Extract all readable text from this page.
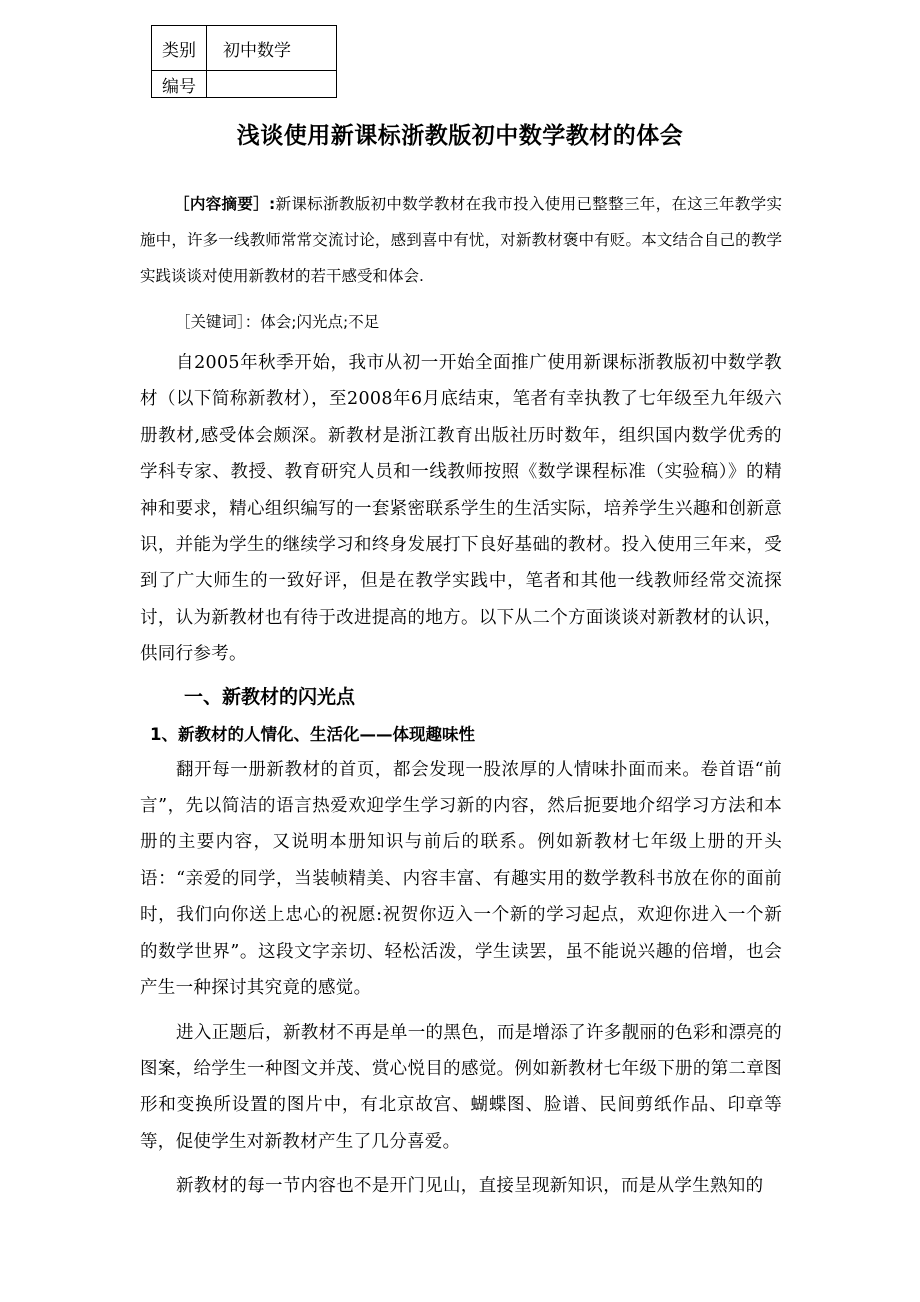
类别	初中数学
编号	
浅谈使用新课标浙教版初中数学教材的体会

［内容摘要］:新课标浙教版初中数学教材在我市投入使用已整整三年，在这三年教学实施中，许多一线教师常常交流讨论，感到喜中有忧，对新教材褒中有贬。本文结合自己的教学实践谈谈对使用新教材的若干感受和体会.

［关键词］：体会;闪光点;不足

自2005年秋季开始，我市从初一开始全面推广使用新课标浙教版初中数学教材（以下简称新教材），至2008年6月底结束，笔者有幸执教了七年级至九年级六册教材,感受体会颇深。新教材是浙江教育出版社历时数年，组织国内数学优秀的学科专家、教授、教育研究人员和一线教师按照《数学课程标准（实验稿）》的精神和要求，精心组织编写的一套紧密联系学生的生活实际，培养学生兴趣和创新意识，并能为学生的继续学习和终身发展打下良好基础的教材。投入使用三年来，受到了广大师生的一致好评，但是在教学实践中，笔者和其他一线教师经常交流探讨，认为新教材也有待于改进提高的地方。以下从二个方面谈谈对新教材的认识，供同行参考。

一、新教材的闪光点
1、新教材的人情化、生活化——体现趣味性

翻开每一册新教材的首页，都会发现一股浓厚的人情味扑面而来。卷首语“前言”，先以简洁的语言热爱欢迎学生学习新的内容，然后扼要地介绍学习方法和本册的主要内容，又说明本册知识与前后的联系。例如新教材七年级上册的开头语：“亲爱的同学，当装帧精美、内容丰富、有趣实用的数学教科书放在你的面前时，我们向你送上忠心的祝愿:祝贺你迈入一个新的学习起点，欢迎你进入一个新的数学世界”。这段文字亲切、轻松活泼，学生读罢，虽不能说兴趣的倍增，也会产生一种探讨其究竟的感觉。

进入正题后，新教材不再是单一的黑色，而是增添了许多靓丽的色彩和漂亮的图案，给学生一种图文并茂、赏心悦目的感觉。例如新教材七年级下册的第二章图形和变换所设置的图片中，有北京故宫、蝴蝶图、脸谱、民间剪纸作品、印章等等，促使学生对新教材产生了几分喜爱。

新教材的每一节内容也不是开门见山，直接呈现新知识，而是从学生熟知的
